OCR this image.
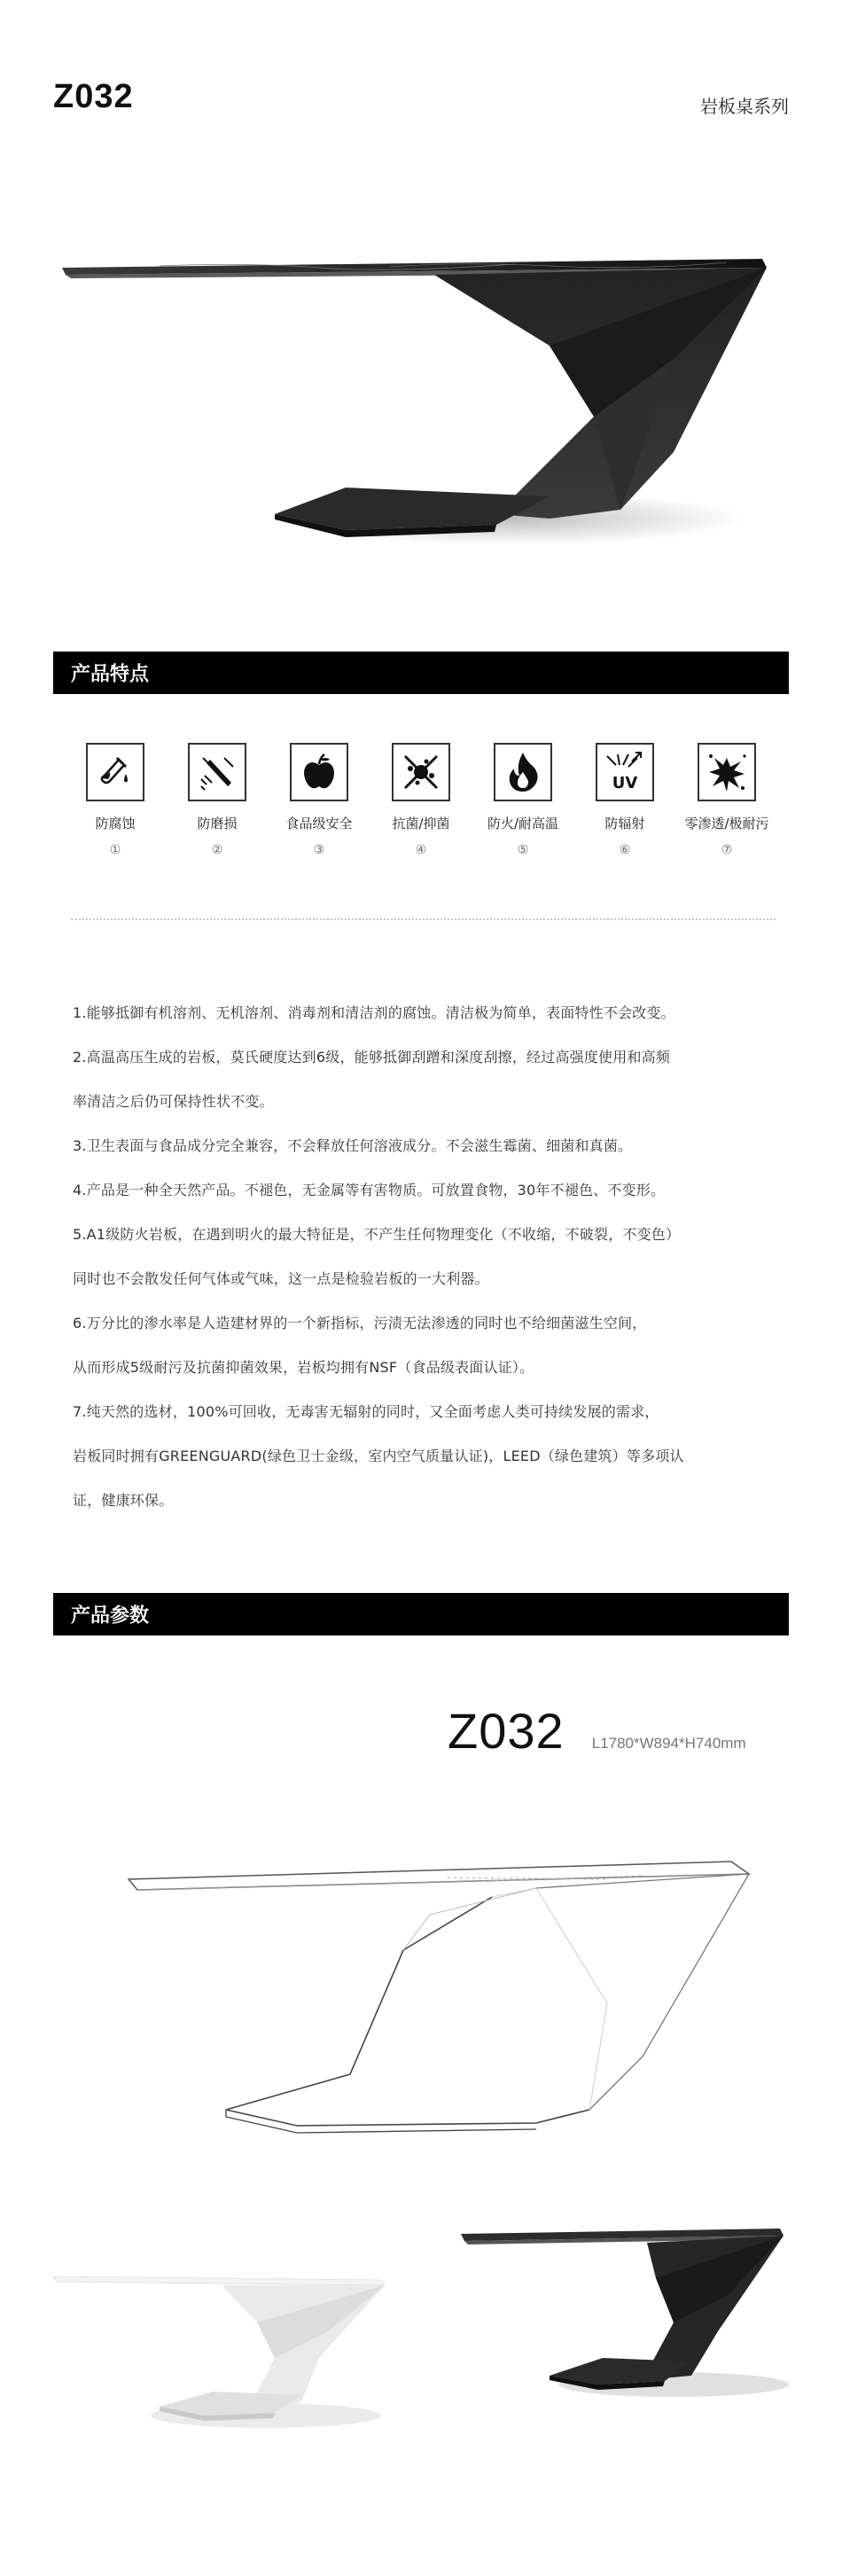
Z032	岩板桌系列
产品特点
防腐蚀
①
防磨损
②
食品级安全
③
抗菌/抑菌
④
防火/耐高温
⑤
UV
防辐射
⑥
零渗透/极耐污
⑦

1.能够抵御有机溶剂、无机溶剂、消毒剂和清洁剂的腐蚀。清洁极为简单，表面特性不会改变。

2.高温高压生成的岩板，莫氏硬度达到6级，能够抵御刮蹭和深度刮擦，经过高强度使用和高频

率清洁之后仍可保持性状不变。

3.卫生表面与食品成分完全兼容，不会释放任何溶液成分。不会滋生霉菌、细菌和真菌。

4.产品是一种全天然产品。不褪色，无金属等有害物质。可放置食物，30年不褪色、不变形。

5.A1级防火岩板，在遇到明火的最大特征是，不产生任何物理变化（不收缩，不破裂，不变色）

同时也不会散发任何气体或气味，这一点是检验岩板的一大利器。

6.万分比的渗水率是人造建材界的一个新指标，污渍无法渗透的同时也不给细菌滋生空间，

从而形成5级耐污及抗菌抑菌效果，岩板均拥有NSF（食品级表面认证）。

7.纯天然的选材，100%可回收，无毒害无辐射的同时，又全面考虑人类可持续发展的需求，

岩板同时拥有GREENGUARD(绿色卫士金级，室内空气质量认证)，LEED（绿色建筑）等多项认

证，健康环保。

产品参数
Z032 L1780*W894*H740mm
